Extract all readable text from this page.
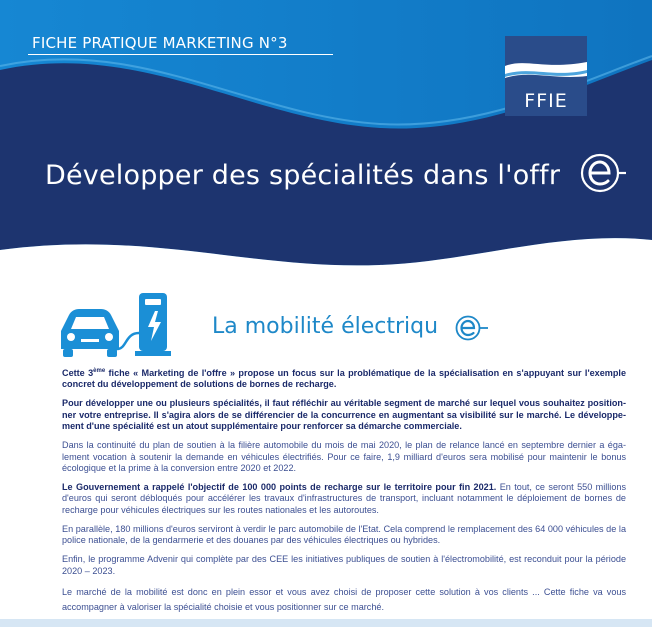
FICHE PRATIQUE MARKETING N°3
FFIE
Développer des spécialités dans l'offr
La mobilité électriqu

Cette 3ème fiche « Marketing de l'offre » propose un focus sur la problématique de la spécialisation en s'appuyant sur l'exemple concret du développement de solutions de bornes de recharge.

Pour développer une ou plusieurs spécialités, il faut réfléchir au véritable segment de marché sur lequel vous souhaitez position-ner votre entreprise. Il s'agira alors de se différencier de la concurrence en augmentant sa visibilité sur le marché. Le développe-ment d'une spécialité est un atout supplémentaire pour renforcer sa démarche commerciale.

Dans la continuité du plan de soutien à la filière automobile du mois de mai 2020, le plan de relance lancé en septembre dernier a éga-lement vocation à soutenir la demande en véhicules électrifiés. Pour ce faire, 1,9 milliard d'euros sera mobilisé pour maintenir le bonus écologique et la prime à la conversion entre 2020 et 2022.

Le Gouvernement a rappelé l'objectif de 100 000 points de recharge sur le territoire pour fin 2021. En tout, ce seront 550 millions d'euros qui seront débloqués pour accélérer les travaux d'infrastructures de transport, incluant notamment le déploiement de bornes de recharge pour véhicules électriques sur les routes nationales et les autoroutes.

En parallèle, 180 millions d'euros serviront à verdir le parc automobile de l'Etat. Cela comprend le remplacement des 64 000 véhicules de la police nationale, de la gendarmerie et des douanes par des véhicules électriques ou hybrides.

Enfin, le programme Advenir qui complète par des CEE les initiatives publiques de soutien à l'électromobilité, est reconduit pour la période 2020 – 2023.

Le marché de la mobilité est donc en plein essor et vous avez choisi de proposer cette solution à vos clients ... Cette fiche va vous accompagner à valoriser la spécialité choisie et vous positionner sur ce marché.
